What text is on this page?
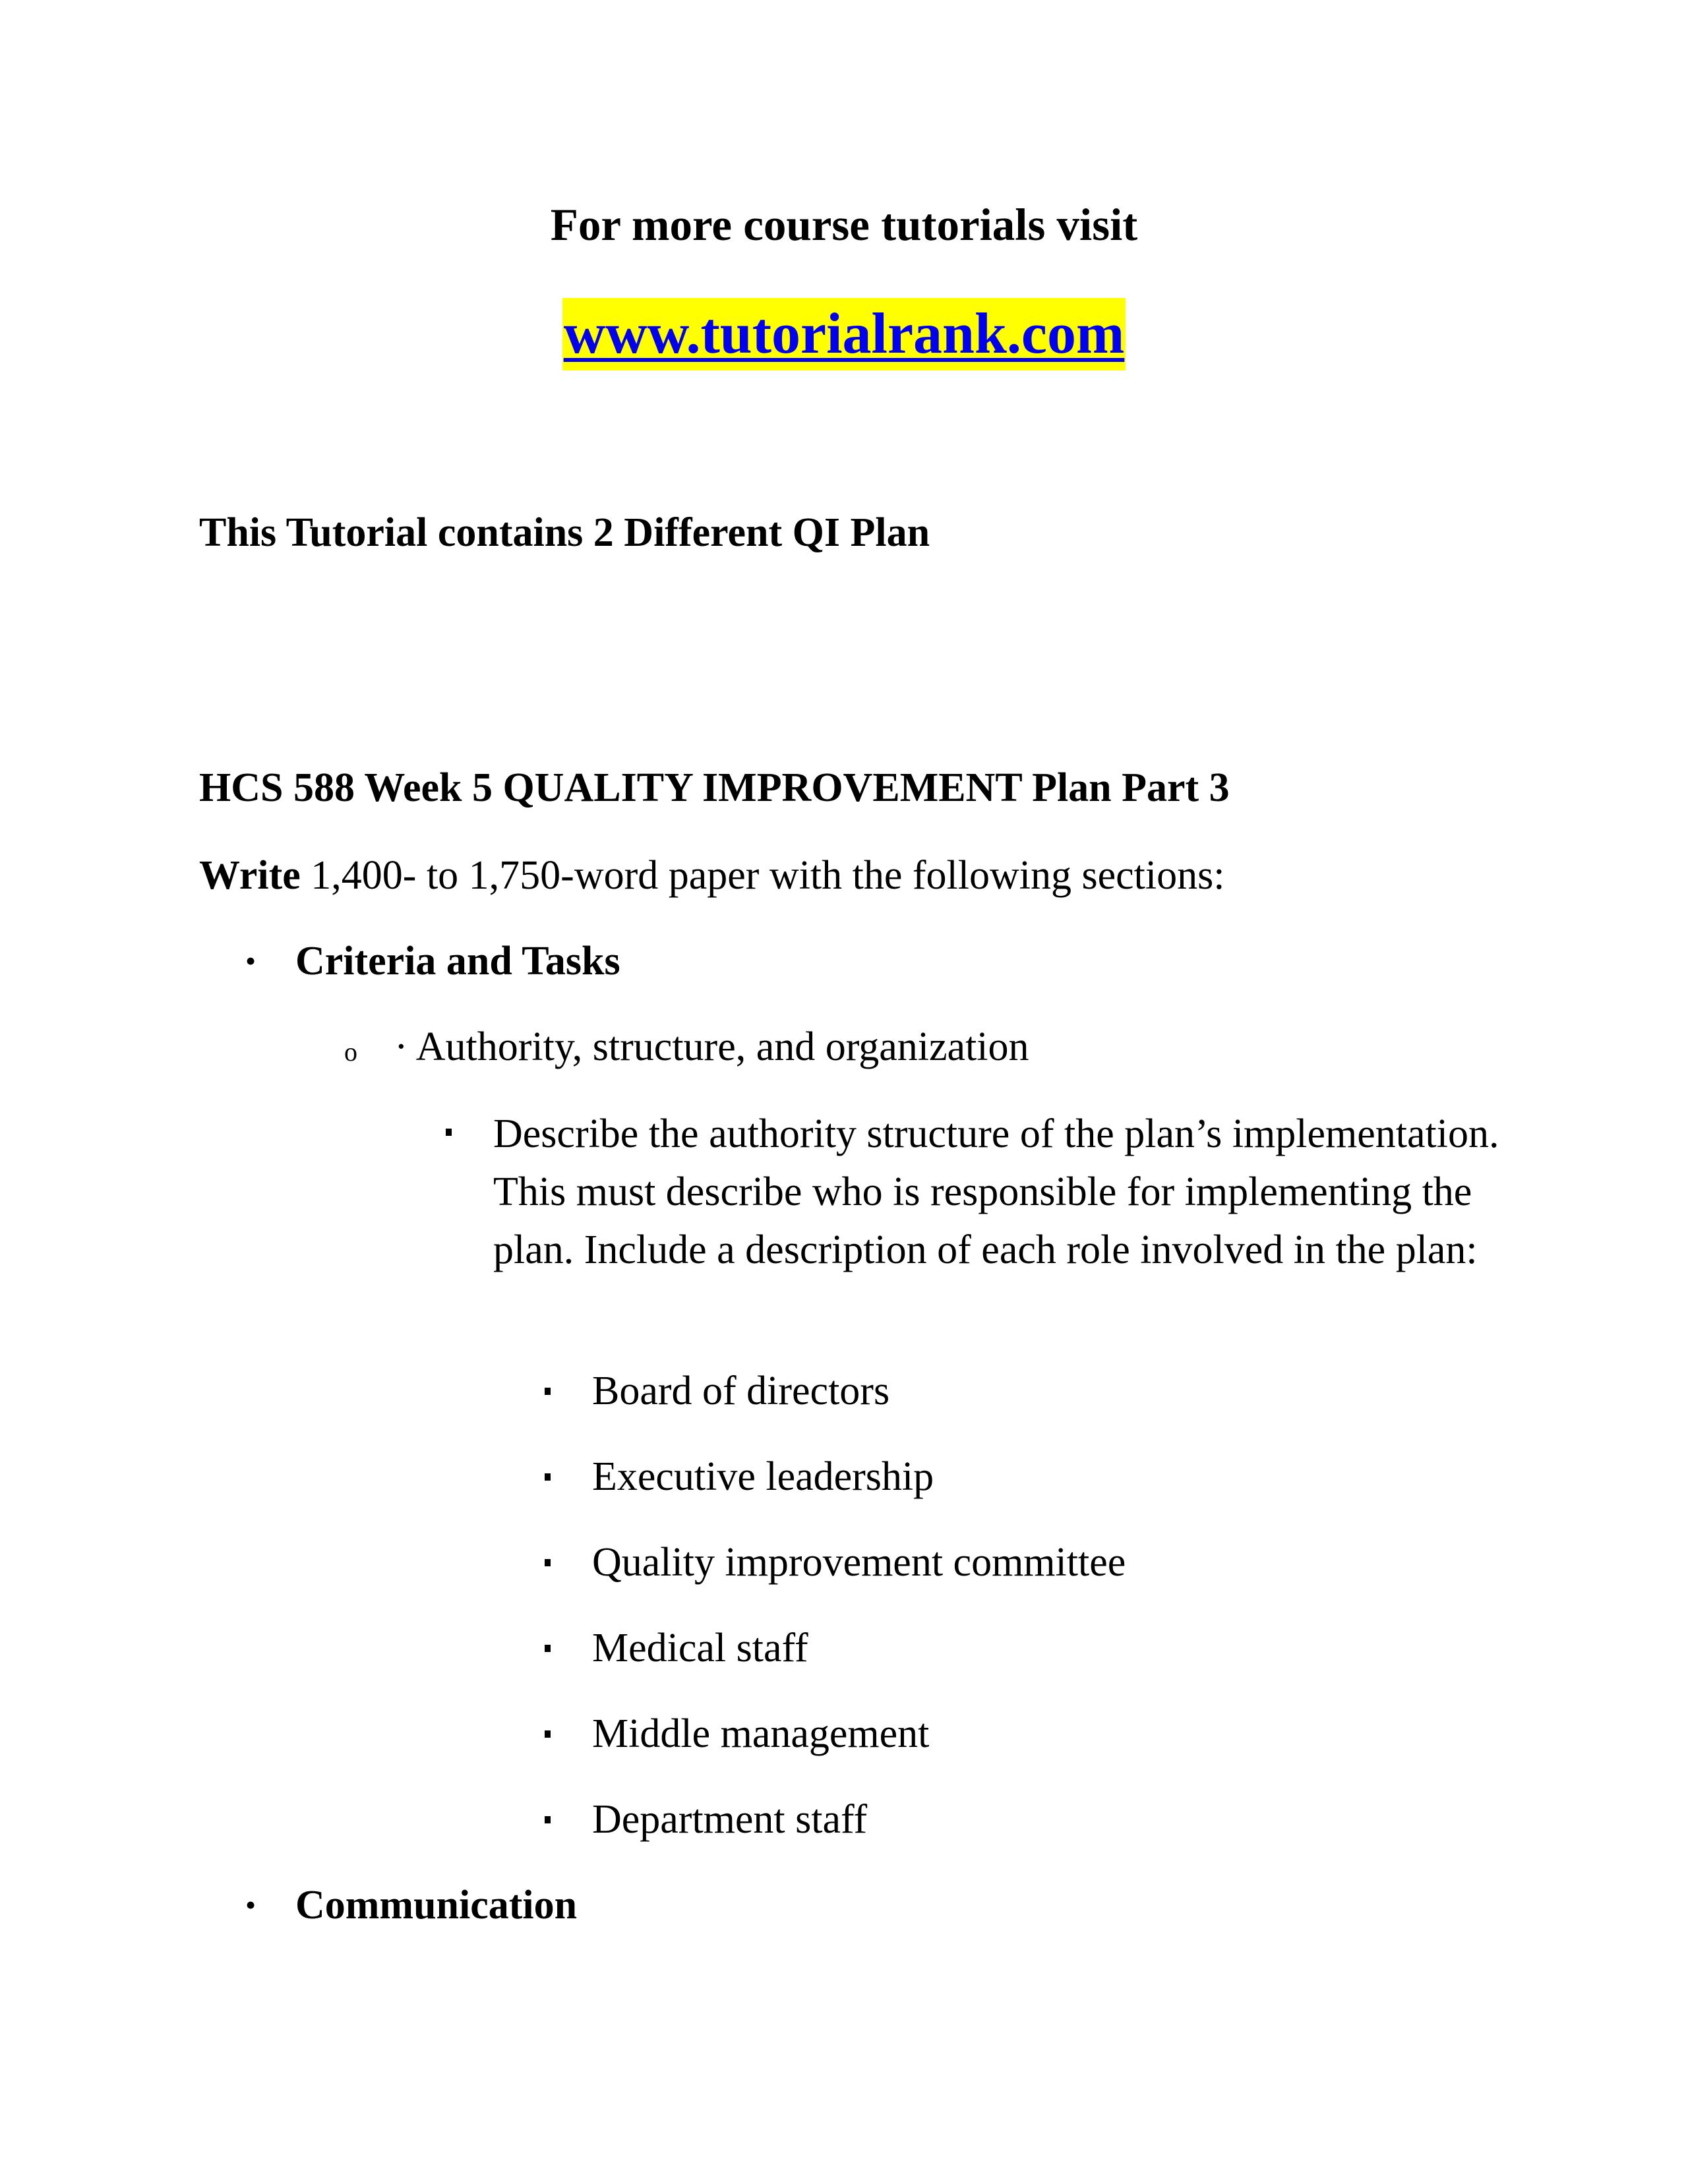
For more course tutorials visit
www.tutorialrank.com
This Tutorial contains 2 Different QI Plan
HCS 588 Week 5 QUALITY IMPROVEMENT Plan Part 3
Write 1,400- to 1,750-word paper with the following sections:
• Criteria and Tasks
o · Authority, structure, and organization
Describe the authority structure of the plan’s implementation. This must describe who is responsible for implementing the plan. Include a description of each role involved in the plan:
Board of directors
Executive leadership
Quality improvement committee
Medical staff
Middle management
Department staff
• Communication
